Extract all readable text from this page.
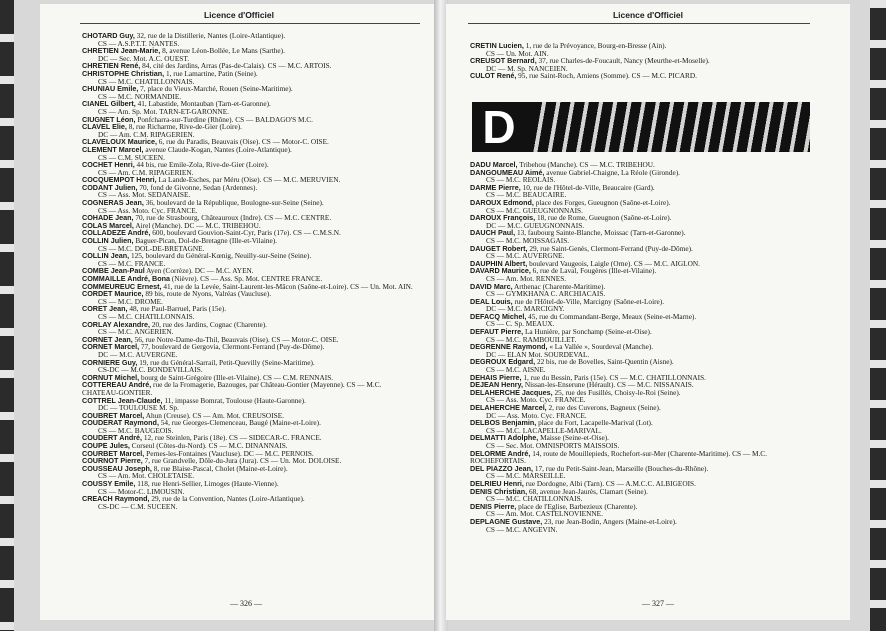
Licence d'Officiel

CHOTARD Guy, 32, rue de la Distillerie, Nantes (Loire-Atlantique).
CS — A.S.P.T.T. NANTES.

CHRETIEN Jean-Marie, 8, avenue Léon-Bollée, Le Mans (Sarthe).
DC — Sec. Mot. A.C. OUEST.

CHRETIEN René, 84, cité des Jardins, Arras (Pas-de-Calais). CS — M.C. ARTOIS.

CHRISTOPHE Christian, 1, rue Lamartine, Patin (Seine).
CS — M.C. CHATILLONNAIS.

CHUNIAU Emile, 7, place du Vieux-Marché, Rouen (Seine-Maritime).
CS — M.C. NORMANDIE.

CIANEL Gilbert, 41, Labastide, Montauban (Tarn-et-Garonne).
CS — Am. Sp. Mot. TARN-ET-GARONNE.

CIUGNET Léon, Ponfcharra-sur-Turdine (Rhône). CS — BALDAGO'S M.C.

CLAVEL Elie, 8, rue Richarme, Rive-de-Gier (Loire).
DC — Am. C.M. RIPAGERIEN.

CLAVELOUX Maurice, 6, rue du Paradis, Beauvais (Oise). CS — Motor-C. OISE.

CLEMENT Marcel, avenue Claude-Kogan, Nantes (Loire-Atlantique).
CS — C.M. SUCEEN.

COCHET Henri, 44 bis, rue Emile-Zola, Rive-de-Gier (Loire).
CS — Am. C.M. RIPAGERIEN.

COCQUEMPOT Henri, La Lande-Esches, par Méru (Oise). CS — M.C. MERUVIEN.

CODANT Julien, 70, fond de Givonne, Sedan (Ardennes).
CS — Ass. Mot. SEDANAISE.

COGNERAS Jean, 36, boulevard de la République, Boulogne-sur-Seine (Seine).
CS — Ass. Moto. Cyc. FRANCE.

COHADE Jean, 70, rue de Strasbourg, Châteauroux (Indre). CS — M.C. CENTRE.

COLAS Marcel, Airel (Manche). DC — M.C. TRIBEHOU.

COLLADEZE André, 600, boulevard Gouvion-Saint-Cyr, Paris (17e). CS — C.M.S.N.

COLLIN Julien, Baguer-Pican, Dol-de-Bretagne (Ille-et-Vilaine).
CS — M.C. DOL-DE-BRETAGNE.

COLLIN Jean, 125, boulevard du Général-Kœnig, Neuilly-sur-Seine (Seine).
CS — M.C. FRANCE.

COMBE Jean-Paul Ayen (Corrèze). DC — M.C. AYEN.

COMMAILLE André, Bona (Nièvre). CS — Ass. Sp. Mot. CENTRE FRANCE.

COMMEUREUC Ernest, 41, rue de la Levée, Saint-Laurent-les-Mâcon (Saône-et-Loire). CS — Un. Mot. AIN.

CORDET Maurice, 89 bis, route de Nyons, Valréas (Vaucluse).
CS — M.C. DROME.

CORET Jean, 48, rue Paul-Barruel, Paris (15e).
CS — M.C. CHATILLONNAIS.

CORLAY Alexandre, 20, rue des Jardins, Cognac (Charente).
CS — M.C. ANGERIEN.

CORNET Jean, 56, rue Notre-Dame-du-Thil, Beauvais (Oise). CS — Motor-C. OISE.

CORNET Marcel, 77, boulevard de Gergovia, Clermont-Ferrand (Puy-de-Dôme).
DC — M.C. AUVERGNE.

CORNIERE Guy, 19, rue du Général-Sarrail, Petit-Quevilly (Seine-Maritime).
CS-DC — M.C. BONDEVILLAIS.

CORNUT Michel, bourg de Saint-Grégoire (Ille-et-Vilaine). CS — C.M. RENNAIS.

COTTEREAU André, rue de la Fromagerie, Bazouges, par Château-Gontier (Mayenne). CS — M.C. CHATEAU-GONTIER.

COTTREL Jean-Claude, 11, impasse Bomrat, Toulouse (Haute-Garonne).
DC — TOULOUSE M. Sp.

COUBRET Marcel, Ahun (Creuse). CS — Am. Mot. CREUSOISE.

COUDERAT Raymond, 54, rue Georges-Clemenceau, Baugé (Maine-et-Loire).
CS — M.C. BAUGEOIS.

COUDERT André, 12, rue Steinlen, Paris (18e). CS — SIDECAR-C. FRANCE.

COUPE Jules, Corseul (Côtes-du-Nord). CS — M.C. DINANNAIS.

COURBET Marcel, Pernes-les-Fontaines (Vaucluse). DC — M.C. PERNOIS.

COURNOT Pierre, 7, rue Grandvelle, Dôle-du-Jura (Jura). CS — Un. Mot. DOLOISE.

COUSSEAU Joseph, 8, rue Blaise-Pascal, Cholet (Maine-et-Loire).
CS — Am. Mot. CHOLETAISE.

COUSSY Emile, 118, rue Henri-Sellier, Limoges (Haute-Vienne).
CS — Motor-C. LIMOUSIN.

CREACH Raymond, 29, rue de la Convention, Nantes (Loire-Atlantique).
CS-DC — C.M. SUCEEN.

— 326 —
Licence d'Officiel

CRETIN Lucien, 1, rue de la Prévoyance, Bourg-en-Bresse (Ain).
CS — Un. Mot. AIN.

CREUSOT Bernard, 37, rue Charles-de-Foucault, Nancy (Meurthe-et-Moselle).
DC — M. Sp. NANCEIEN.

CULOT René, 95, rue Saint-Roch, Amiens (Somme). CS — M.C. PICARD.

D

DADU Marcel, Tribehou (Manche). CS — M.C. TRIBEHOU.

DANGOUMEAU Aimé, avenue Gabriel-Chaigne, La Réole (Gironde).
CS — M.C. REOLAIS.

DARME Pierre, 10, rue de l'Hôtel-de-Ville, Beaucaire (Gard).
CS — M.C. BEAUCAIRE.

DAROUX Edmond, place des Forges, Gueugnon (Saône-et-Loire).
CS — M.C. GUEUGNONNAIS.

DAROUX François, 18, rue de Rome, Gueugnon (Saône-et-Loire).
DC — M.C. GUEUGNONNAIS.

DAUCH Paul, 13, faubourg Sainte-Blanche, Moissac (Tarn-et-Garonne).
CS — M.C. MOISSAGAIS.

DAUGET Robert, 29, rue Saint-Genès, Clermont-Ferrand (Puy-de-Dôme).
CS — M.C. AUVERGNE.

DAUPHIN Albert, boulevard Vaugeois, Laigle (Orne). CS — M.C. AIGLON.

DAVARD Maurice, 6, rue de Laval, Fougères (Ille-et-Vilaine).
CS — Am. Mot. RENNES.

DAVID Marc, Arthenac (Charente-Maritime).
CS — GYMKHANA C. ARCHIACAIS.

DEAL Louis, rue de l'Hôtel-de-Ville, Marcigny (Saône-et-Loire).
DC — M.C. MARCIGNY.

DEFACQ Michel, 45, rue du Commandant-Berge, Meaux (Seine-et-Marne).
CS — C. Sp. MEAUX.

DEFAUT Pierre, La Hunière, par Sonchamp (Seine-et-Oise).
CS — M.C. RAMBOUILLET.

DEGRENNE Raymond, « La Vallée », Sourdeval (Manche).
DC — ELAN Mot. SOURDEVAL.

DEGROUX Edgard, 22 bis, rue de Bovelles, Saint-Quentin (Aisne).
CS — M.C. AISNE.

DEHAIS Pierre, 1, rue du Bessin, Paris (15e). CS — M.C. CHATILLONNAIS.

DEJEAN Henry, Nissan-les-Enserune (Hérault). CS — M.C. NISSANAIS.

DELAHERCHE Jacques, 25, rue des Fusillés, Choisy-le-Roi (Seine).
CS — Ass. Moto. Cyc. FRANCE.

DELAHERCHE Marcel, 2, rue des Cuverons, Bagneux (Seine).
DC — Ass. Moto. Cyc. FRANCE.

DELBOS Benjamin, place du Fort, Lacapelle-Marival (Lot).
CS — M.C. LACAPELLE-MARIVAL.

DELMATTI Adolphe, Maisse (Seine-et-Oise).
CS — Sec. Mot. OMNISPORTS MAISSOIS.

DELORME André, 14, route de Mouillepieds, Rochefort-sur-Mer (Charente-Maritime). CS — M.C. ROCHEFORTAIS.

DEL PIAZZO Jean, 17, rue du Petit-Saint-Jean, Marseille (Bouches-du-Rhône).
CS — M.C. MARSEILLE.

DELRIEU Henri, rue Dordogne, Albi (Tarn). CS — A.M.C.C. ALBIGEOIS.

DENIS Christian, 68, avenue Jean-Jaurès, Clamart (Seine).
CS — M.C. CHATILLONNAIS.

DENIS Pierre, place de l'Eglise, Barbezieux (Charente).
CS — Am. Mot. CASTELNOVIENNE.

DEPLAGNE Gustave, 23, rue Jean-Bodin, Angers (Maine-et-Loire).
CS — M.C. ANGEVIN.

— 327 —
